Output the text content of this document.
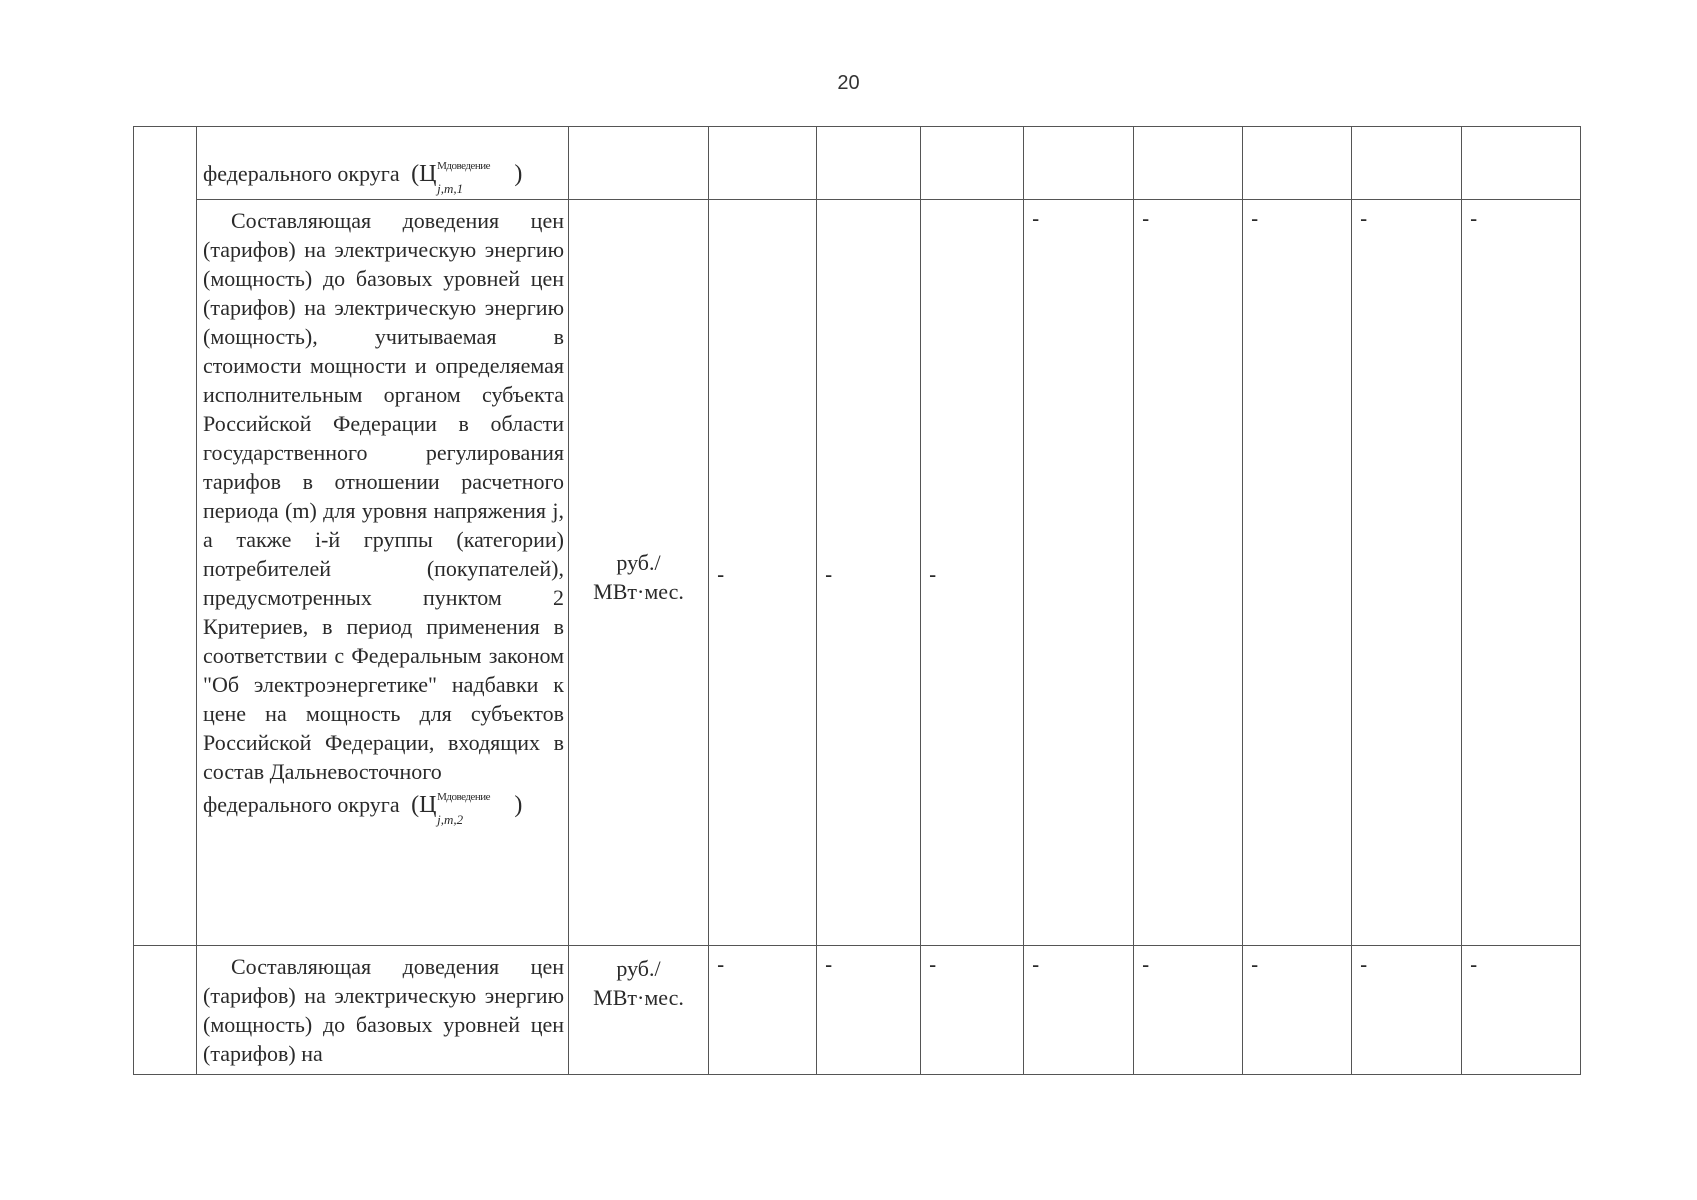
20

	федерального округа (Ц Мдоведение
j,m,1
)									

	Составляющая доведения цен (тарифов) на электрическую энергию (мощность) до базовых уровней цен (тарифов) на электрическую энергию (мощность), учитываемая в стоимости мощности и определяемая исполнительным органом субъекта Российской Федерации в области государственного регулирования тарифов в отношении расчетного периода (m) для уровня напряжения j, а также i-й группы (категории) потребителей (покупателей), предусмотренных пунктом 2 Критериев, в период применения в соответствии с Федеральным законом "Об электроэнергетике" надбавки к цене на мощность для субъектов Российской Федерации, входящих в состав Дальневосточного

федерального округа (Ц Мдоведение
j,m,2
)	руб./ МВт·мес.	-	-	-	-	-	-	-	-

	Составляющая доведения цен (тарифов) на электрическую энергию (мощность) до базовых уровней цен (тарифов) на	руб./ МВт·мес.	-	-	-	-	-	-	-	-
